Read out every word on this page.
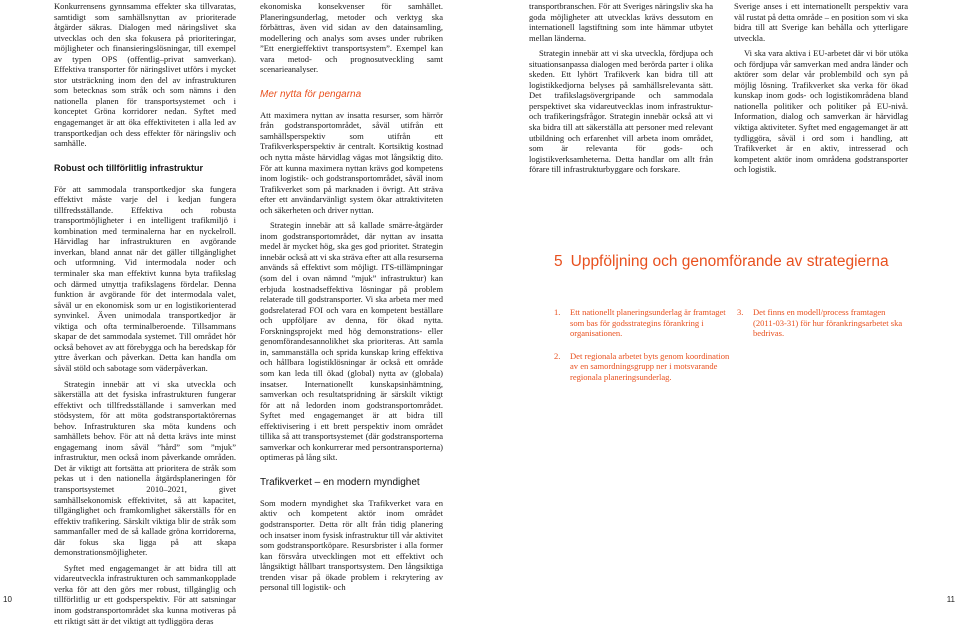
Konkurrensens gynnsamma effekter ska tillvaratas, samtidigt som samhällsnyttan av prioriterade åtgärder säkras. Dialogen med näringslivet ska utvecklas och den ska fokusera på prioriteringar, möjligheter och finansieringslösningar, till exempel av typen OPS (offentlig–privat samverkan). Effektiva transporter för näringslivet utförs i mycket stor utsträckning inom den del av infrastrukturen som betecknas som stråk och som nämns i den nationella planen för transportsystemet och i konceptet Gröna korridorer nedan. Syftet med engagemanget är att öka effektiviteten i alla led av transportkedjan och dess effekter för näringsliv och samhälle.

Robust och tillförlitlig infrastruktur

För att sammodala transportkedjor ska fungera effektivt måste varje del i kedjan fungera tillfredsställande. Effektiva och robusta transportmöjligheter i en intelligent trafikmiljö i kombination med terminalerna har en nyckelroll. Härvidlag har infrastrukturen en avgörande inverkan, bland annat när det gäller tillgänglighet och utformning. Vid intermodala noder och terminaler ska man effektivt kunna byta trafikslag och därmed utnyttja trafikslagens fördelar. Denna funktion är avgörande för det intermodala valet, såväl ur en ekonomisk som ur en logistikorienterad synvinkel. Även unimodala transportkedjor är viktiga och ofta terminalberoende. Tillsammans skapar de det sammodala systemet. Till området hör också behovet av att förebygga och ha beredskap för yttre åverkan och påverkan. Detta kan handla om såväl stöld och sabotage som väderpåverkan.

Strategin innebär att vi ska utveckla och säkerställa att det fysiska infrastrukturen fungerar effektivt och tillfredsställande i samverkan med stödsystem, för att möta godstransportaktörernas behov. Infrastrukturen ska möta kundens och samhällets behov. För att nå detta krävs inte minst engagemang inom såväl ”hård” som ”mjuk” infrastruktur, men också inom påverkande områden. Det är viktigt att fortsätta att prioritera de stråk som pekas ut i den nationella åtgärdsplaneringen för transportsystemet 2010–2021, givet samhällsekonomisk effektivitet, så att kapacitet, tillgänglighet och framkomlighet säkerställs för en effektiv trafikering. Särskilt viktiga blir de stråk som sammanfaller med de så kallade gröna korridorerna, där fokus ska ligga på att skapa demonstrationsmöjligheter.

Syftet med engagemanget är att bidra till att vidareutveckla infrastrukturen och sammankopplade verka för att den görs mer robust, tillgänglig och tillförlitlig ur ett godsperspektiv. För att satsningar inom godstransportområdet ska kunna motiveras på ett riktigt sätt är det viktigt att tydliggöra deras

ekonomiska konsekvenser för samhället. Planeringsunderlag, metoder och verktyg ska förbättras, även vid sidan av den datainsamling, modellering och analys som avses under rubriken ”Ett energieffektivt transportsystem”. Exempel kan vara metod- och prognosutveckling samt scenarieanalyser.

Mer nytta för pengarna

Att maximera nyttan av insatta resurser, som härrör från godstransportområdet, såväl utifrån ett samhällsperspektiv som utifrån ett Trafikverksperspektiv är centralt. Kortsiktig kostnad och nytta måste härvidlag vägas mot långsiktig dito. För att kunna maximera nyttan krävs god kompetens inom logistik- och godstransportområdet, såväl inom Trafikverket som på marknaden i övrigt. Att sträva efter ett användarvänligt system ökar attraktiviteten och säkerheten och driver nyttan.

Strategin innebär att så kallade smärre-åtgärder inom godstransportområdet, där nyttan av insatta medel är mycket hög, ska ges god prioritet. Strategin innebär också att vi ska sträva efter att alla resurserna används så effektivt som möjligt. ITS-tillämpningar (som del i ovan nämnd ”mjuk” infrastruktur) kan erbjuda kostnadseffektiva lösningar på problem relaterade till godstransporter. Vi ska arbeta mer med godsrelaterad FOI och vara en kompetent beställare och uppföljare av denna, för ökad nytta. Forskningsprojekt med hög demonstrations- eller genomförandesannolikhet ska prioriteras. Att samla in, sammanställa och sprida kunskap kring effektiva och hållbara logistiklösningar är också ett område som kan leda till ökad (global) nytta av (globala) insatser. Internationellt kunskapsinhämtning, samverkan och resultatspridning är särskilt viktigt för att nå ledorden inom godstransportområdet. Syftet med engagemanget är att bidra till effektivisering i ett brett perspektiv inom området tillika så att transportsystemet (där godstransporterna samverkar och konkurrerar med persontransporterna) optimeras på lång sikt.

Trafikverket – en modern myndighet

Som modern myndighet ska Trafikverket vara en aktiv och kompetent aktör inom området godstransporter. Detta rör allt från tidig planering och insatser inom fysisk infrastruktur till vår aktivitet som godstransportköpare. Resursbrister i alla former kan försvåra utvecklingen mot ett effektivt och långsiktigt hållbart transportsystem. Den långsiktiga trenden visar på ökade problem i rekrytering av personal till logistik- och

transportbranschen. För att Sveriges näringsliv ska ha goda möjligheter att utvecklas krävs dessutom en internationell lagstiftning som inte hämmar utbytet mellan länderna.

Strategin innebär att vi ska utveckla, fördjupa och situationsanpassa dialogen med berörda parter i olika skeden. Ett lyhört Trafikverk kan bidra till att logistikkedjorna belyses på samhällsrelevanta sätt. Det trafikslagsövergripande och sammodala perspektivet ska vidareutvecklas inom infrastruktur- och trafikeringsfrågor. Strategin innebär också att vi ska bidra till att säkerställa att personer med relevant utbildning och erfarenhet vill arbeta inom området, som är relevanta för gods- och logistikverksamheterna. Detta handlar om allt från förare till infrastrukturbyggare och forskare.

Sverige anses i ett internationellt perspektiv vara väl rustat på detta område – en position som vi ska bidra till att Sverige kan behålla och ytterligare utveckla.

Vi ska vara aktiva i EU-arbetet där vi bör utöka och fördjupa vår samverkan med andra länder och aktörer som delar vår problembild och syn på möjlig lösning. Trafikverket ska verka för ökad kunskap inom gods- och logistikområdena bland nationella politiker och politiker på EU-nivå. Information, dialog och samverkan är härvidlag viktiga aktiviteter. Syftet med engagemanget är att tydliggöra, såväl i ord som i handling, att Trafikverket är en aktiv, intresserad och kompetent aktör inom områdena godstransporter och logistik.

5 Uppföljning och genomförande av strategierna
1. Ett nationellt planeringsunderlag är framtaget som bas för godsstrategins förankring i organisationen.
2. Det regionala arbetet byts genom koordination av en samordningsgrupp ner i motsvarande regionala planeringsunderlag.
3. Det finns en modell/process framtagen (2011-03-31) för hur förankringsarbetet ska bedrivas.
10	11
